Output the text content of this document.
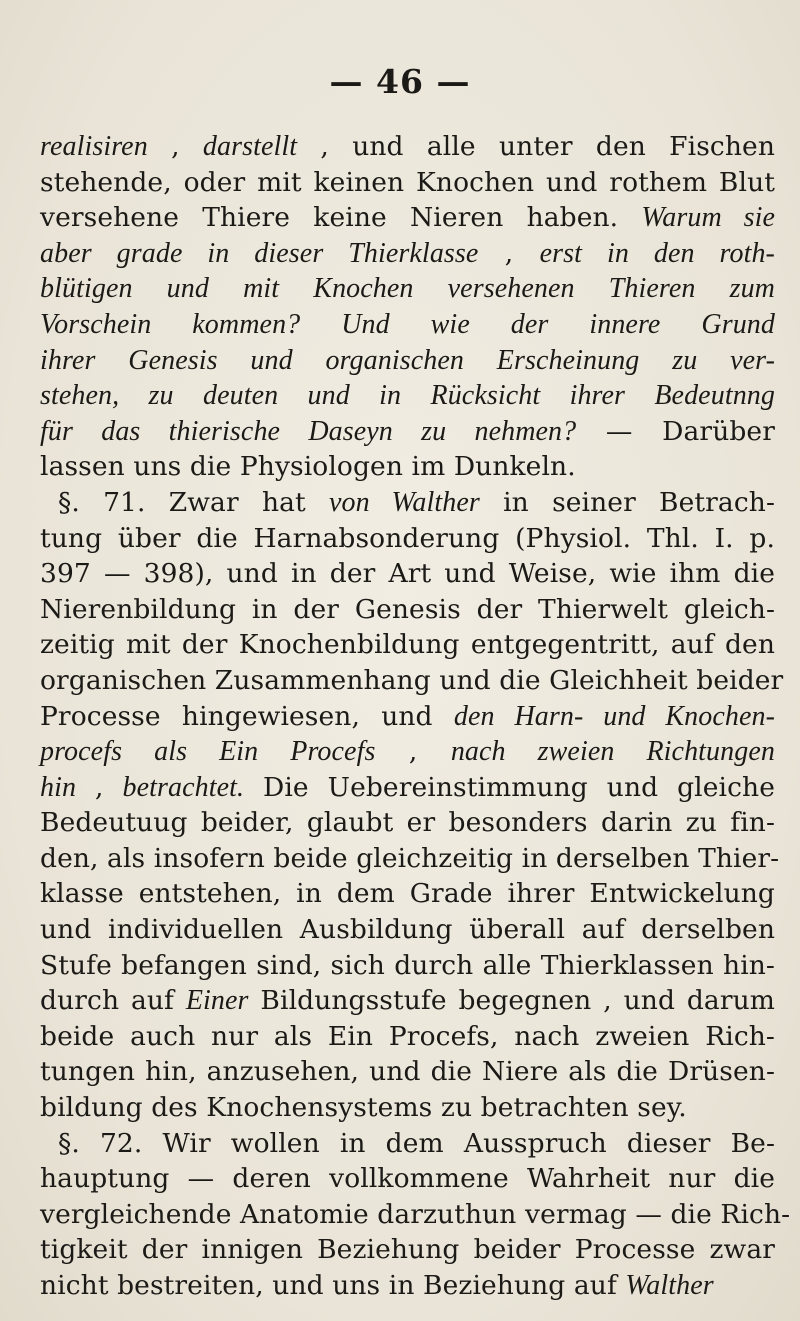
— 46 —
realisiren , darstellt , und alle unter den Fischen
stehende, oder mit keinen Knochen und rothem Blut
versehene Thiere keine Nieren haben. Warum sie
aber grade in dieser Thierklasse , erst in den roth-
blütigen und mit Knochen versehenen Thieren zum
Vorschein kommen? Und wie der innere Grund
ihrer Genesis und organischen Erscheinung zu ver-
stehen, zu deuten und in Rücksicht ihrer Bedeutnng
für das thierische Daseyn zu nehmen? — Darüber
lassen uns die Physiologen im Dunkeln.
§. 71. Zwar hat von Walther in seiner Betrach-
tung über die Harnabsonderung (Physiol. Thl. I. p.
397 — 398), und in der Art und Weise, wie ihm die
Nierenbildung in der Genesis der Thierwelt gleich-
zeitig mit der Knochenbildung entgegentritt, auf den
organischen Zusammenhang und die Gleichheit beider
Processe hingewiesen, und den Harn- und Knochen-
procefs als Ein Procefs , nach zweien Richtungen
hin , betrachtet. Die Uebereinstimmung und gleiche
Bedeutuug beider, glaubt er besonders darin zu fin-
den, als insofern beide gleichzeitig in derselben Thier-
klasse entstehen, in dem Grade ihrer Entwickelung
und individuellen Ausbildung überall auf derselben
Stufe befangen sind, sich durch alle Thierklassen hin-
durch auf Einer Bildungsstufe begegnen , und darum
beide auch nur als Ein Procefs, nach zweien Rich-
tungen hin, anzusehen, und die Niere als die Drüsen-
bildung des Knochensystems zu betrachten sey.
§. 72. Wir wollen in dem Ausspruch dieser Be-
hauptung — deren vollkommene Wahrheit nur die
vergleichende Anatomie darzuthun vermag — die Rich-
tigkeit der innigen Beziehung beider Processe zwar
nicht bestreiten, und uns in Beziehung auf Walther
